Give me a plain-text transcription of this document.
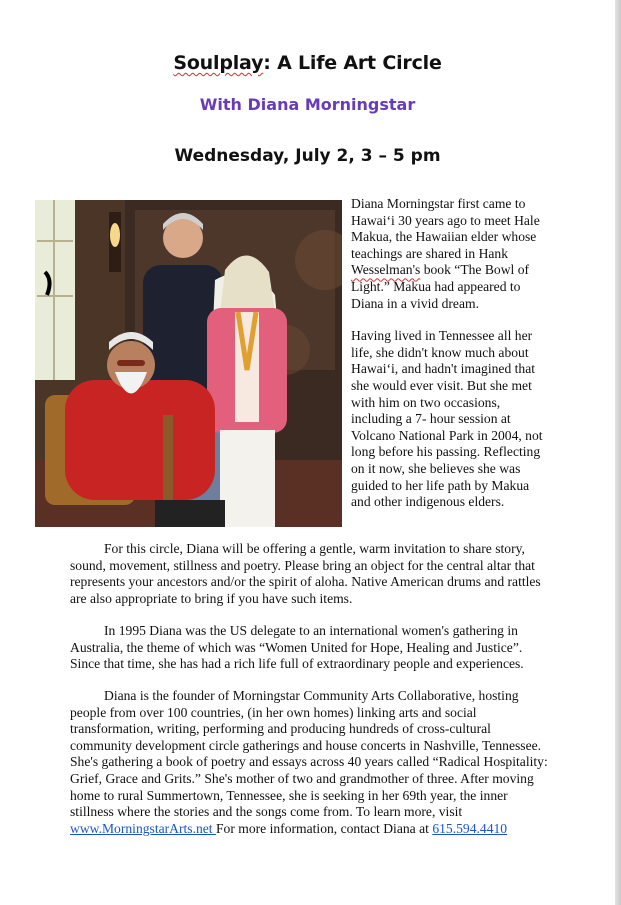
Soulplay: A Life Art Circle
With Diana Morningstar
Wednesday, July 2, 3 – 5 pm

Diana Morningstar first came to Hawai‘i 30 years ago to meet Hale Makua, the Hawaiian elder whose teachings are shared in Hank Wesselman's book “The Bowl of Light.” Makua had appeared to Diana in a vivid dream.

Having lived in Tennessee all her life, she didn't know much about Hawai‘i, and hadn't imagined that she would ever visit. But she met with him on two occasions, including a 7- hour session at Volcano National Park in 2004, not long before his passing. Reflecting on it now, she believes she was guided to her life path by Makua and other indigenous elders.

For this circle, Diana will be offering a gentle, warm invitation to share story, sound, movement, stillness and poetry. Please bring an object for the central altar that represents your ancestors and/or the spirit of aloha. Native American drums and rattles are also appropriate to bring if you have such items.

In 1995 Diana was the US delegate to an international women's gathering in Australia, the theme of which was “Women United for Hope, Healing and Justice”. Since that time, she has had a rich life full of extraordinary people and experiences.

Diana is the founder of Morningstar Community Arts Collaborative, hosting people from over 100 countries, (in her own homes) linking arts and social transformation, writing, performing and producing hundreds of cross-cultural community development circle gatherings and house concerts in Nashville, Tennessee. She's gathering a book of poetry and essays across 40 years called “Radical Hospitality: Grief, Grace and Grits.” She's mother of two and grandmother of three. After moving home to rural Summertown, Tennessee, she is seeking in her 69th year, the inner stillness where the stories and the songs come from. To learn more, visit www.MorningstarArts.net For more information, contact Diana at 615.594.4410
